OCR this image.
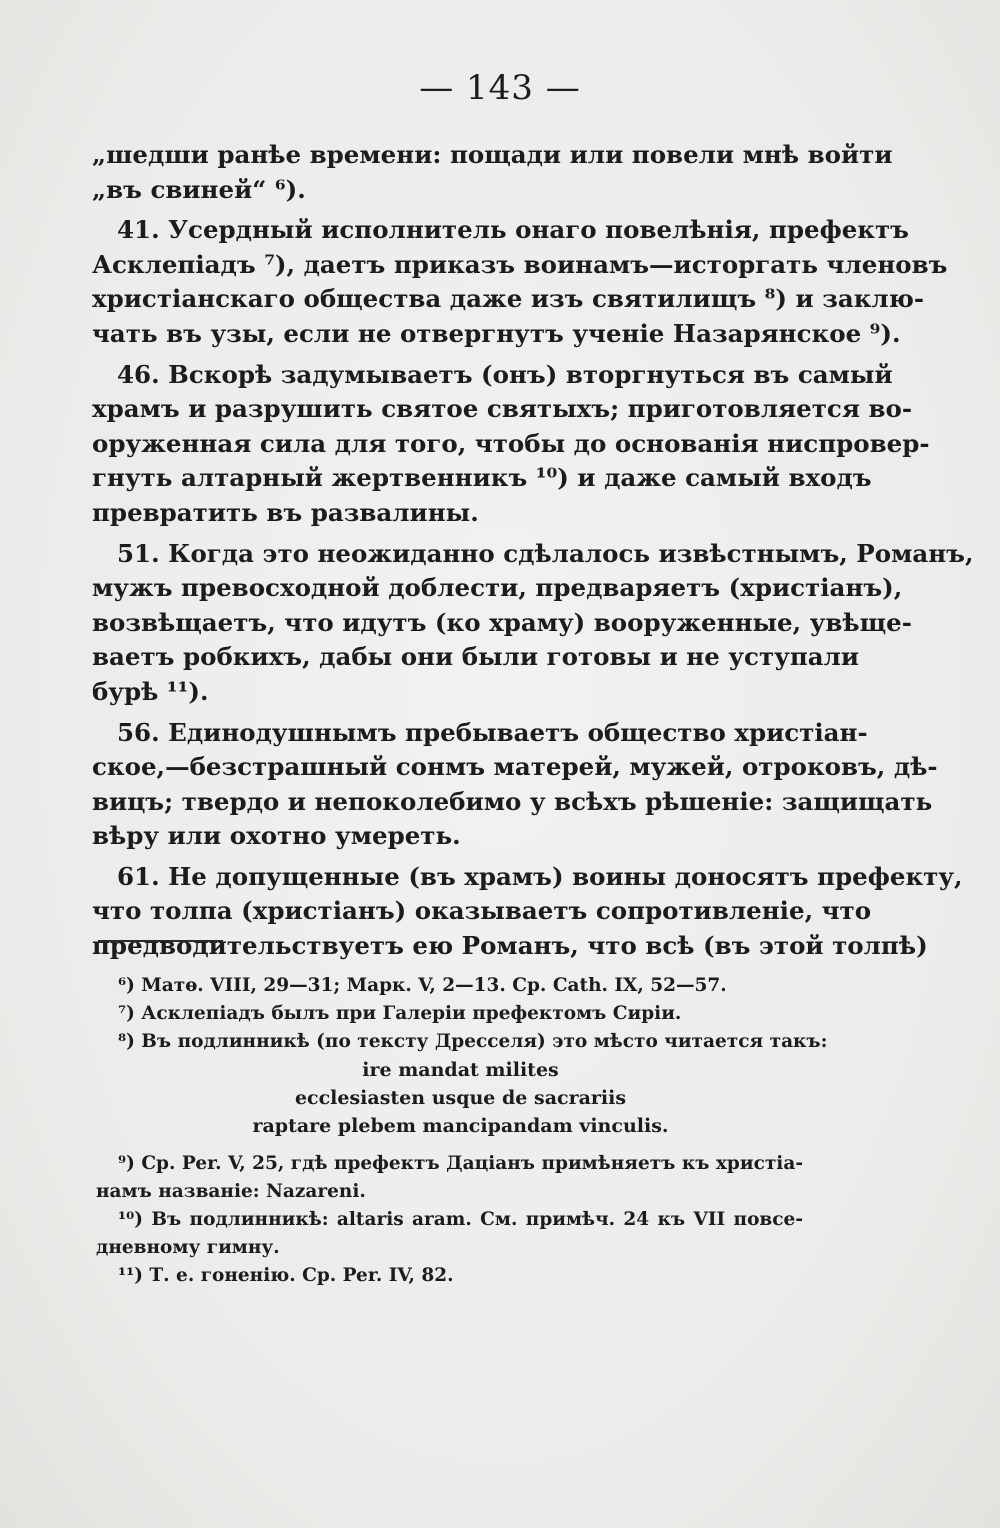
— 143 —
„шедши ранѣе времени: пощади или повели мнѣ войти
„въ свиней“ ⁶).
41. Усердный исполнитель онаго повелѣнія, префектъ
Асклепіадъ ⁷), даетъ приказъ воинамъ—исторгать членовъ
христіанскаго общества даже изъ святилищъ ⁸) и заклю-
чать въ узы, если не отвергнутъ ученіе Назарянское ⁹).
46. Вскорѣ задумываетъ (онъ) вторгнуться въ самый
храмъ и разрушить святое святыхъ; приготовляется во-
оруженная сила для того, чтобы до основанія ниспровер-
гнуть алтарный жертвенникъ ¹⁰) и даже самый входъ
превратить въ развалины.
51. Когда это неожиданно сдѣлалось извѣстнымъ, Романъ,
мужъ превосходной доблести, предваряетъ (христіанъ),
возвѣщаетъ, что идутъ (ко храму) вооруженные, увѣще-
ваетъ робкихъ, дабы они были готовы и не уступали
бурѣ ¹¹).
56. Единодушнымъ пребываетъ общество христіан-
ское,—безстрашный сонмъ матерей, мужей, отроковъ, дѣ-
вицъ; твердо и непоколебимо у всѣхъ рѣшеніе: защищать
вѣру или охотно умереть.
61. Не допущенные (въ храмъ) воины доносятъ префекту,
что толпа (христіанъ) оказываетъ сопротивленіе, что
предводительствуетъ ею Романъ, что всѣ (въ этой толпѣ)
⁶) Матѳ. VIII, 29—31; Марк. V, 2—13. Ср. Cath. IX, 52—57.
⁷) Асклепіадъ былъ при Галеріи префектомъ Сиріи.
⁸) Въ подлинникѣ (по тексту Дресселя) это мѣсто читается такъ:
ire mandat milites
ecclesiasten usque de sacrariis
raptare plebem mancipandam vinculis.
⁹) Ср. Per. V, 25, гдѣ префектъ Даціанъ примѣняетъ къ христіа-
намъ названіе: Nazareni.
¹⁰) Въ подлинникѣ: altaris aram. См. примѣч. 24 къ VII повсе-
дневному гимну.
¹¹) Т. е. гоненію. Ср. Per. IV, 82.
